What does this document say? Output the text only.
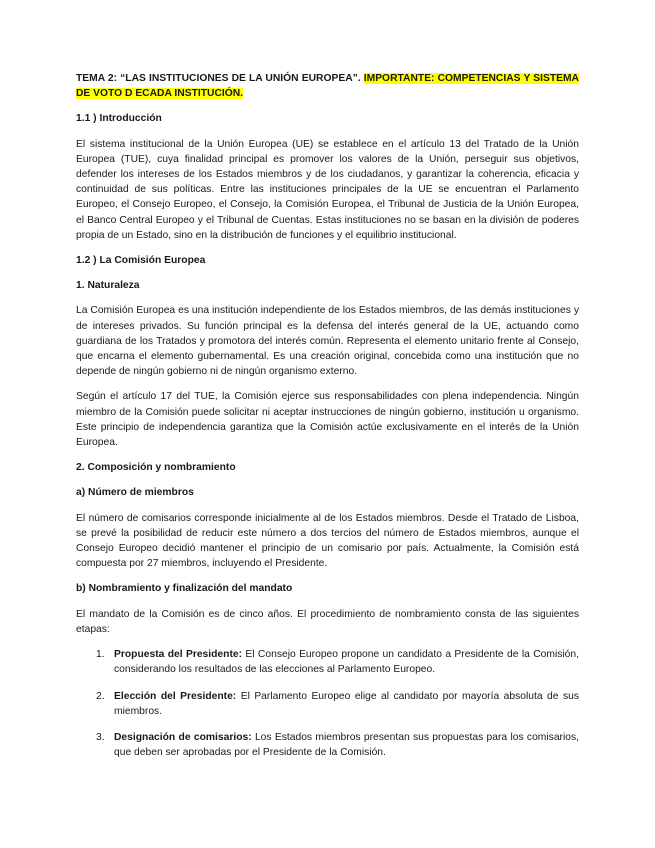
TEMA 2: “LAS INSTITUCIONES DE LA UNIÓN EUROPEA”. IMPORTANTE: COMPETENCIAS Y SISTEMA DE VOTO D ECADA INSTITUCIÓN.

1.1 ) Introducción

El sistema institucional de la Unión Europea (UE) se establece en el artículo 13 del Tratado de la Unión Europea (TUE), cuya finalidad principal es promover los valores de la Unión, perseguir sus objetivos, defender los intereses de los Estados miembros y de los ciudadanos, y garantizar la coherencia, eficacia y continuidad de sus políticas. Entre las instituciones principales de la UE se encuentran el Parlamento Europeo, el Consejo Europeo, el Consejo, la Comisión Europea, el Tribunal de Justicia de la Unión Europea, el Banco Central Europeo y el Tribunal de Cuentas. Estas instituciones no se basan en la división de poderes propia de un Estado, sino en la distribución de funciones y el equilibrio institucional.

1.2 ) La Comisión Europea
1. Naturaleza

La Comisión Europea es una institución independiente de los Estados miembros, de las demás instituciones y de intereses privados. Su función principal es la defensa del interés general de la UE, actuando como guardiana de los Tratados y promotora del interés común. Representa el elemento unitario frente al Consejo, que encarna el elemento gubernamental. Es una creación original, concebida como una institución que no depende de ningún gobierno ni de ningún organismo externo.

Según el artículo 17 del TUE, la Comisión ejerce sus responsabilidades con plena independencia. Ningún miembro de la Comisión puede solicitar ni aceptar instrucciones de ningún gobierno, institución u organismo. Este principio de independencia garantiza que la Comisión actúe exclusivamente en el interés de la Unión Europea.

2. Composición y nombramiento
a) Número de miembros

El número de comisarios corresponde inicialmente al de los Estados miembros. Desde el Tratado de Lisboa, se prevé la posibilidad de reducir este número a dos tercios del número de Estados miembros, aunque el Consejo Europeo decidió mantener el principio de un comisario por país. Actualmente, la Comisión está compuesta por 27 miembros, incluyendo el Presidente.

b) Nombramiento y finalización del mandato

El mandato de la Comisión es de cinco años. El procedimiento de nombramiento consta de las siguientes etapas:

1. Propuesta del Presidente: El Consejo Europeo propone un candidato a Presidente de la Comisión, considerando los resultados de las elecciones al Parlamento Europeo.
2. Elección del Presidente: El Parlamento Europeo elige al candidato por mayoría absoluta de sus miembros.
3. Designación de comisarios: Los Estados miembros presentan sus propuestas para los comisarios, que deben ser aprobadas por el Presidente de la Comisión.
